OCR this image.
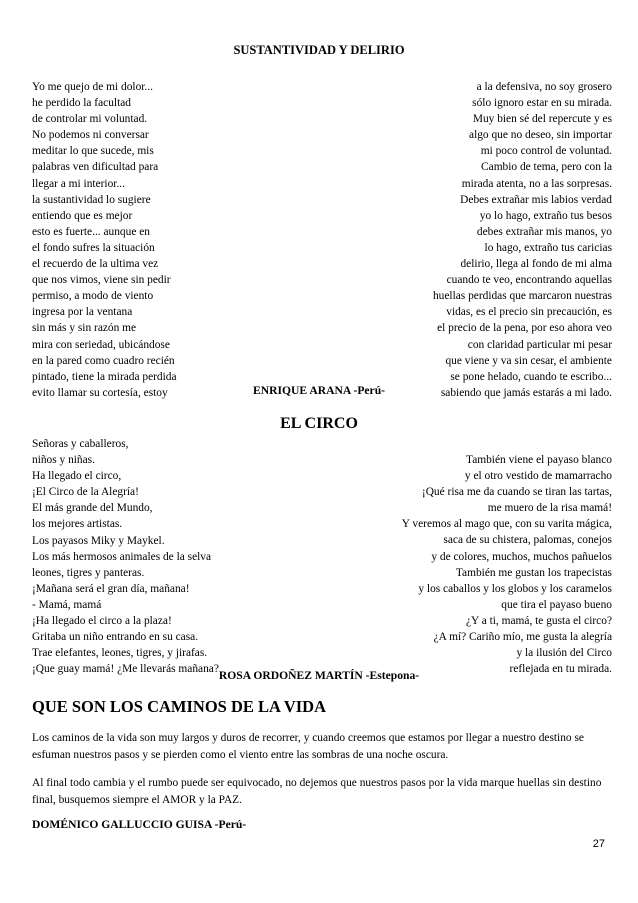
SUSTANTIVIDAD Y DELIRIO
Yo me quejo de mi dolor...
he perdido la facultad
de controlar mi voluntad.
No podemos ni conversar
meditar lo que sucede, mis
palabras ven dificultad para
llegar a mi interior...
la sustantividad lo sugiere
entiendo que es mejor
esto es fuerte... aunque en
el fondo sufres la situación
el recuerdo de la ultima vez
que nos vimos, viene sin pedir
permiso, a modo de viento
ingresa por la ventana
sin más y sin razón me
mira con seriedad, ubicándose
en la pared como cuadro recién
pintado, tiene la mirada perdida
evito llamar su cortesía, estoy
a la defensiva, no soy grosero
sólo ignoro estar en su mirada.
Muy bien sé del repercute y es
algo que no deseo, sin importar
mi poco control de voluntad.
Cambio de tema, pero con la
mirada atenta, no a las sorpresas.
Debes extrañar mis labios verdad
yo lo hago, extraño tus besos
debes extrañar mis manos, yo
lo hago, extraño tus caricias
delirio, llega al fondo de mi alma
cuando te veo, encontrando aquellas
huellas perdidas que marcaron nuestras
vidas, es el precio sin precaución, es
el precio de la pena, por eso ahora veo
con claridad particular mi pesar
que viene y va sin cesar, el ambiente
se pone helado, cuando te escribo...
sabiendo que jamás estarás a mi lado.
ENRIQUE ARANA -Perú-
EL CIRCO
Señoras y caballeros,
niños y niñas.
Ha llegado el circo,
¡El Circo de la Alegría!
El más grande del Mundo,
los mejores artistas.
Los payasos Miky y Maykel.
Los más hermosos animales de la selva
leones, tigres y panteras.
¡Mañana será el gran día, mañana!
- Mamá, mamá
¡Ha llegado el circo a la plaza!
Gritaba un niño entrando en su casa.
Trae elefantes, leones, tigres, y jirafas.
¡Que guay mamá! ¿Me llevarás mañana?
También viene el payaso blanco
y el otro vestido de mamarracho
¡Qué risa me da cuando se tiran las tartas,
me muero de la risa mamá!
Y veremos al mago que, con su varita mágica,
saca de su chistera, palomas, conejos
y de colores, muchos, muchos pañuelos
También me gustan los trapecistas
y los caballos y los globos y los caramelos
que tira el payaso bueno
¿Y a ti, mamá, te gusta el circo?
¿A mí? Cariño mío, me gusta la alegría
y la ilusión del Circo
reflejada en tu mirada.
ROSA ORDOÑEZ MARTÍN -Estepona-
QUE SON LOS CAMINOS DE LA VIDA
Los caminos de la vida son muy largos y duros de recorrer, y cuando creemos que estamos por llegar a nuestro destino se esfuman nuestros pasos y se pierden como el viento entre las sombras de una noche oscura.
Al final todo cambia y el rumbo puede ser equivocado, no dejemos que nuestros pasos por la vida marque huellas sin destino final, busquemos siempre el AMOR y la PAZ.
DOMÉNICO GALLUCCIO GUISA -Perú-
27
